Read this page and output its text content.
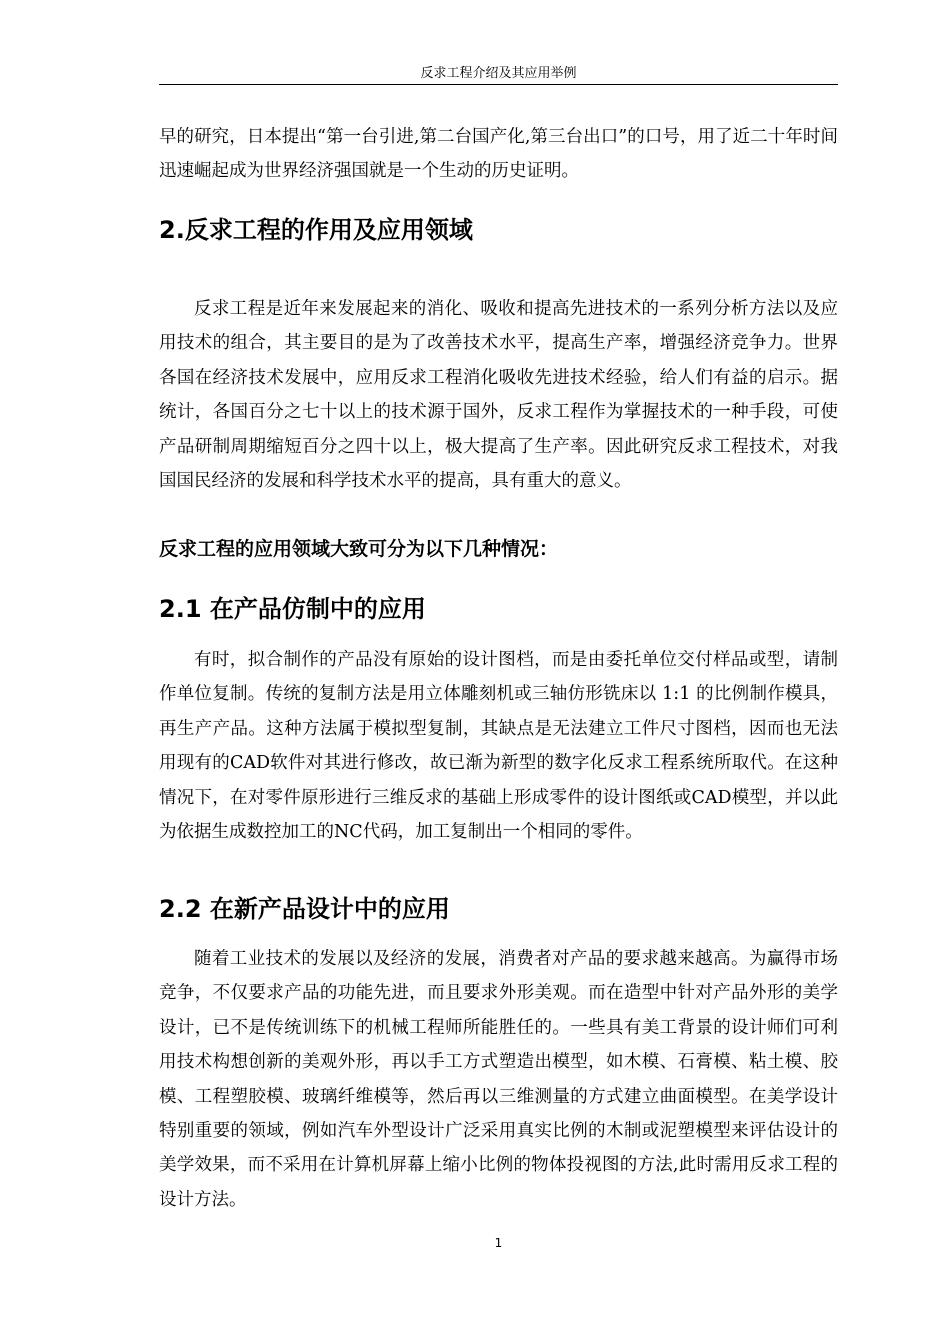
反求工程介绍及其应用举例

早的研究，日本提出“第一台引进,第二台国产化,第三台出口”的口号，用了近二十年时间迅速崛起成为世界经济强国就是一个生动的历史证明。

2.反求工程的作用及应用领域

反求工程是近年来发展起来的消化、吸收和提高先进技术的一系列分析方法以及应用技术的组合，其主要目的是为了改善技术水平，提高生产率，增强经济竞争力。世界各国在经济技术发展中，应用反求工程消化吸收先进技术经验，给人们有益的启示。据统计，各国百分之七十以上的技术源于国外，反求工程作为掌握技术的一种手段，可使产品研制周期缩短百分之四十以上，极大提高了生产率。因此研究反求工程技术，对我国国民经济的发展和科学技术水平的提高，具有重大的意义。

反求工程的应用领域大致可分为以下几种情况：
2.1 在产品仿制中的应用

有时，拟合制作的产品没有原始的设计图档，而是由委托单位交付样品或型，请制作单位复制。传统的复制方法是用立体雕刻机或三轴仿形铣床以 1:1 的比例制作模具，再生产产品。这种方法属于模拟型复制，其缺点是无法建立工件尺寸图档，因而也无法用现有的CAD软件对其进行修改，故已渐为新型的数字化反求工程系统所取代。在这种情况下，在对零件原形进行三维反求的基础上形成零件的设计图纸或CAD模型，并以此为依据生成数控加工的NC代码，加工复制出一个相同的零件。

2.2 在新产品设计中的应用

随着工业技术的发展以及经济的发展，消费者对产品的要求越来越高。为赢得市场竞争，不仅要求产品的功能先进，而且要求外形美观。而在造型中针对产品外形的美学设计，已不是传统训练下的机械工程师所能胜任的。一些具有美工背景的设计师们可利用技术构想创新的美观外形，再以手工方式塑造出模型，如木模、石膏模、粘土模、胶模、工程塑胶模、玻璃纤维模等，然后再以三维测量的方式建立曲面模型。在美学设计特别重要的领域，例如汽车外型设计广泛采用真实比例的木制或泥塑模型来评估设计的美学效果，而不采用在计算机屏幕上缩小比例的物体投视图的方法,此时需用反求工程的设计方法。

1
